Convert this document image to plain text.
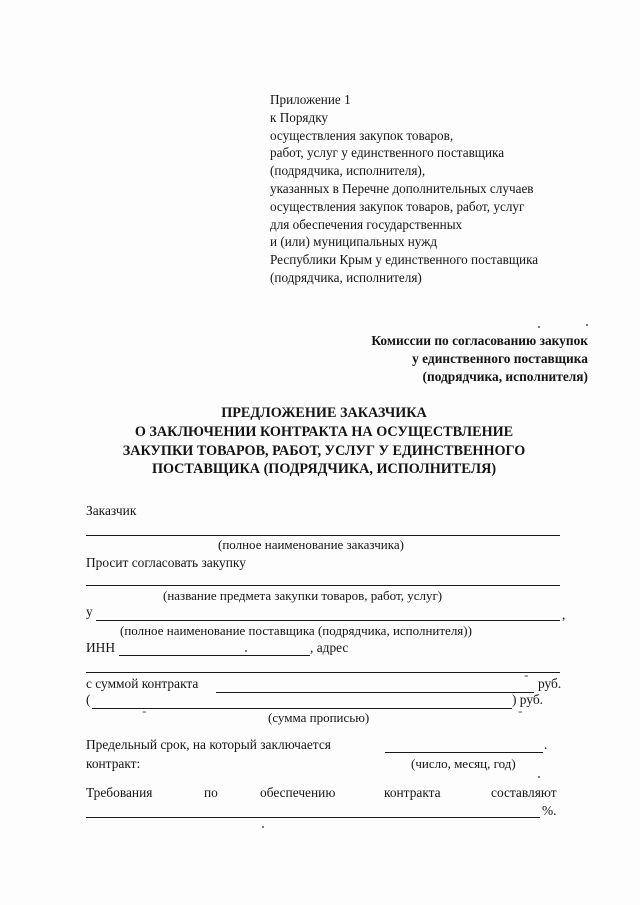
Приложение 1
к Порядку
осуществления закупок товаров,
работ, услуг у единственного поставщика
(подрядчика, исполнителя),
указанных в Перечне дополнительных случаев
осуществления закупок товаров, работ, услуг
для обеспечения государственных
и (или) муниципальных нужд
Республики Крым у единственного поставщика
(подрядчика, исполнителя)
Комиссии по согласованию закупок
у единственного поставщика
(подрядчика, исполнителя)
ПРЕДЛОЖЕНИЕ ЗАКАЗЧИКА
О ЗАКЛЮЧЕНИИ КОНТРАКТА НА ОСУЩЕСТВЛЕНИЕ
ЗАКУПКИ ТОВАРОВ, РАБОТ, УСЛУГ У ЕДИНСТВЕННОГО
ПОСТАВЩИКА (ПОДРЯДЧИКА, ИСПОЛНИТЕЛЯ)
Заказчик
(полное наименование заказчика)
Просит согласовать закупку
(название предмета закупки товаров, работ, услуг)
у	,
(полное наименование поставщика (подрядчика, исполнителя))
ИНН	, адрес
с суммой контракта	руб.
(	) руб.
(сумма прописью)
Предельный срок, на который заключается	.
контракт:	(число, месяц, год)
Требования	по	обеспечению	контракта	составляют
%.
-	-
-
